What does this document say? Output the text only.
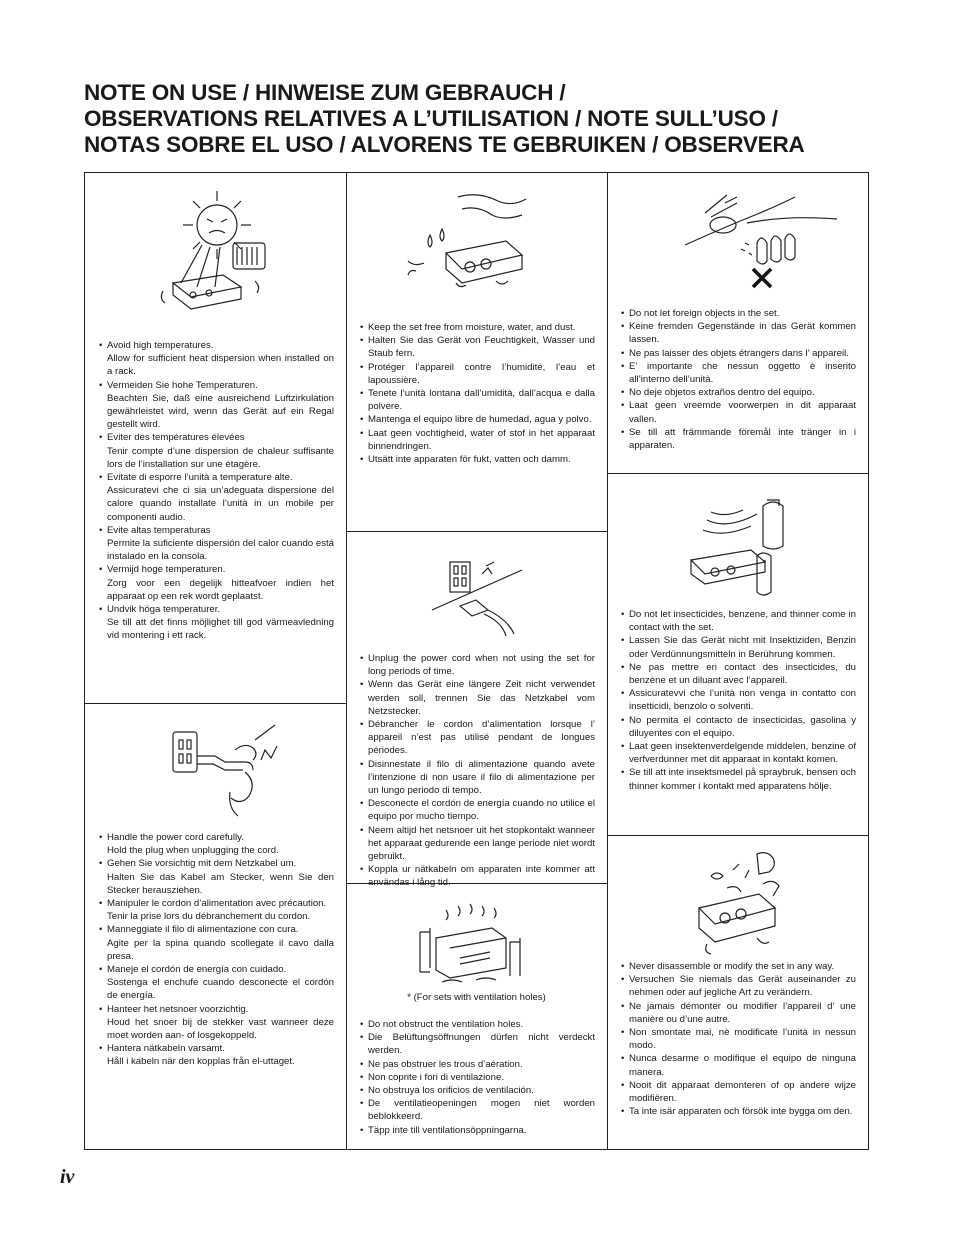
NOTE ON USE / HINWEISE ZUM GEBRAUCH /
OBSERVATIONS RELATIVES A L’UTILISATION / NOTE SULL’USO /
NOTAS SOBRE EL USO / ALVORENS TE GEBRUIKEN / OBSERVERA
• Avoid high temperatures.
Allow for sufficient heat dispersion when installed on a rack.
• Vermeiden Sie hohe Temperaturen.
Beachten Sie, daß eine ausreichend Luftzirkulation gewährleistet wird, wenn das Gerät auf ein Regal gestellt wird.
• Eviter des températures élevées
Tenir compte d’une dispersion de chaleur suffisante lors de l’installation sur une étagère.
• Evitate di esporre l’unità a temperature alte.
Assicuratevi che ci sia un’adeguata dispersione del calore quando installate l’unità in un mobile per componenti audio.
• Evite altas temperaturas
Permite la suficiente dispersión del calor cuando está instalado en la consola.
• Vermijd hoge temperaturen.
Zorg voor een degelijk hitteafvoer indien het apparaat op een rek wordt geplaatst.
• Undvik höga temperaturer.
Se till att det finns möjlighet till god värmeavledning vid montering i ett rack.
• Handle the power cord carefully.
Hold the plug when unplugging the cord.
• Gehen Sie vorsichtig mit dem Netzkabel um.
Halten Sie das Kabel am Stecker, wenn Sie den Stecker herausziehen.
• Manipuler le cordon d’alimentation avec précaution.
Tenir la prise lors du débranchement du cordon.
• Manneggiate il filo di alimentazione con cura.
Agite per la spina quando scollegate il cavo dalla presa.
• Maneje el cordón de energía con cuidado.
Sostenga el enchufe cuando desconecte el cordón de energía.
• Hanteer het netsnoer voorzichtig.
Houd het snoer bij de stekker vast wanneer deze moet worden aan- of losgekoppeld.
• Hantera nätkabeln varsamt.
Håll i kabeln när den kopplas från el-uttaget.
• Keep the set free from moisture, water, and dust.
• Halten Sie das Gerät von Feuchtigkeit, Wasser und Staub fern.
• Protéger l’appareil contre l’humidité, l’eau et lapoussière.
• Tenete l’unità lontana dall’umidità, dall’acqua e dalla polvere.
• Mantenga el equipo libre de humedad, agua y polvo.
• Laat geen vochtigheid, water of stof in het apparaat binnendringen.
• Utsätt inte apparaten för fukt, vatten och damm.
• Unplug the power cord when not using the set for long periods of time.
• Wenn das Gerät eine längere Zeit nicht verwendet werden soll, trennen Sie das Netzkabel vom Netzstecker.
• Débrancher le cordon d’alimentation lorsque l’ appareil n’est pas utilisé pendant de longues périodes.
• Disinnestate il filo di alimentazione quando avete l’intenzione di non usare il filo di alimentazione per un lungo periodo di tempo.
• Desconecte el cordón de energía cuando no utilice el equipo por mucho tiempo.
• Neem altijd het netsnoer uit het stopkontakt wanneer het apparaat gedurende een lange periode niet wordt gebruikt.
• Koppla ur nätkabeln om apparaten inte kommer att användas i lång tid.
* (For sets with ventilation holes)
• Do not obstruct the ventilation holes.
• Die Belüftungsöffnungen dürfen nicht verdeckt werden.
• Ne pas obstruer les trous d’aération.
• Non coprite i fori di ventilazione.
• No obstruya los orificios de ventilación.
• De ventilatieopeningen mogen niet worden beblokkeerd.
• Täpp inte till ventilationsöppningarna.
• Do not let foreign objects in the set.
• Keine fremden Gegenstände in das Gerät kommen lassen.
• Ne pas laisser des objets étrangers dans l’ appareil.
• E’ importante che nessun oggetto è inserito all’interno dell’unità.
• No deje objetos extraños dentro del equipo.
• Laat geen vreemde voorwerpen in dit apparaat vallen.
• Se till att främmande föremål inte tränger in i apparaten.
• Do not let insecticides, benzene, and thinner come in contact with the set.
• Lassen Sie das Gerät nicht mit Insektiziden, Benzin oder Verdünnungsmitteln in Berührung kommen.
• Ne pas mettre en contact des insecticides, du benzène et un diluant avec l’appareil.
• Assicuratevvi che l’unità non venga in contatto con insetticidi, benzolo o solventi.
• No permita el contacto de insecticidas, gasolina y diluyentes con el equipo.
• Laat geen insektenverdelgende middelen, benzine of verfverdunner met dit apparaat in kontakt komen.
• Se till att inte insektsmedel på spraybruk, bensen och thinner kommer i kontakt med apparatens hölje.
• Never disassemble or modify the set in any way.
• Versuchen Sie niemals das Gerät auseinander zu nehmen oder auf jegliche Art zu verändern.
• Ne jamais démonter ou modifier l’appareil d’ une manière ou d’une autre.
• Non smontate mai, nè modificate l’unità in nessun modo.
• Nunca desarme o modifique el equipo de ninguna manera.
• Nooit dit apparaat demonteren of op andere wijze modifiëren.
• Ta inte isär apparaten och försök inte bygga om den.
iv
